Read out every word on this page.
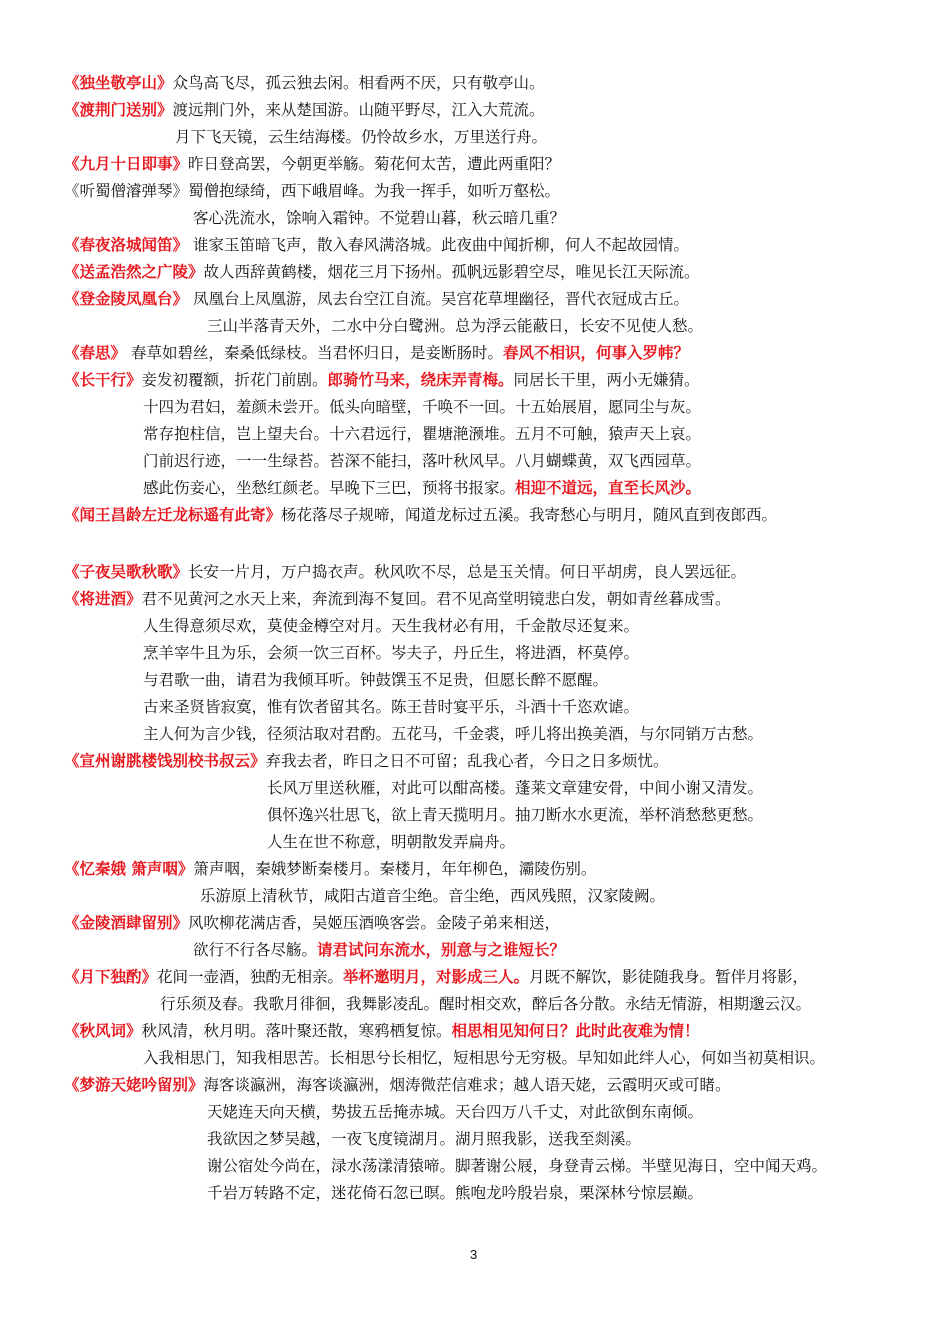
《独坐敬亭山》众鸟高飞尽，孤云独去闲。相看两不厌，只有敬亭山。
《渡荆门送别》渡远荆门外，来从楚国游。山随平野尽，江入大荒流。
月下飞天镜，云生结海楼。仍怜故乡水，万里送行舟。
《九月十日即事》昨日登高罢，今朝更举觞。菊花何太苦，遭此两重阳？
《听蜀僧濬弹琴》蜀僧抱绿绮，西下峨眉峰。为我一挥手，如听万壑松。
客心洗流水，馀响入霜钟。不觉碧山暮，秋云暗几重？
《春夜洛城闻笛》 谁家玉笛暗飞声，散入春风满洛城。此夜曲中闻折柳，何人不起故园情。
《送孟浩然之广陵》故人西辞黄鹤楼，烟花三月下扬州。孤帆远影碧空尽，唯见长江天际流。
《登金陵凤凰台》 凤凰台上凤凰游，凤去台空江自流。吴宫花草埋幽径，晋代衣冠成古丘。
三山半落青天外，二水中分白鹭洲。总为浮云能蔽日，长安不见使人愁。
《春思》 春草如碧丝，秦桑低绿枝。当君怀归日，是妾断肠时。春风不相识，何事入罗帏？
《长干行》妾发初覆额，折花门前剧。郎骑竹马来，绕床弄青梅。同居长干里，两小无嫌猜。
十四为君妇，羞颜未尝开。低头向暗壁，千唤不一回。十五始展眉，愿同尘与灰。
常存抱柱信，岂上望夫台。十六君远行，瞿塘滟滪堆。五月不可触，猿声天上哀。
门前迟行迹，一一生绿苔。苔深不能扫，落叶秋风早。八月蝴蝶黄，双飞西园草。
感此伤妾心，坐愁红颜老。早晚下三巴，预将书报家。相迎不道远，直至长风沙。
《闻王昌龄左迁龙标遥有此寄》杨花落尽子规啼，闻道龙标过五溪。我寄愁心与明月，随风直到夜郎西。
《子夜吴歌秋歌》长安一片月，万户捣衣声。秋风吹不尽，总是玉关情。何日平胡虏，良人罢远征。
《将进酒》君不见黄河之水天上来，奔流到海不复回。君不见高堂明镜悲白发，朝如青丝暮成雪。
人生得意须尽欢，莫使金樽空对月。天生我材必有用，千金散尽还复来。
烹羊宰牛且为乐，会须一饮三百杯。岑夫子，丹丘生，将进酒，杯莫停。
与君歌一曲，请君为我倾耳听。钟鼓馔玉不足贵，但愿长醉不愿醒。
古来圣贤皆寂寞，惟有饮者留其名。陈王昔时宴平乐，斗酒十千恣欢谑。
主人何为言少钱，径须沽取对君酌。五花马，千金裘，呼儿将出换美酒，与尔同销万古愁。
《宣州谢朓楼饯别校书叔云》弃我去者，昨日之日不可留；乱我心者，今日之日多烦忧。
长风万里送秋雁，对此可以酣高楼。蓬莱文章建安骨，中间小谢又清发。
俱怀逸兴壮思飞，欲上青天揽明月。抽刀断水水更流，举杯消愁愁更愁。
人生在世不称意，明朝散发弄扁舟。
《忆秦娥 箫声咽》箫声咽，秦娥梦断秦楼月。秦楼月，年年柳色，灞陵伤别。
乐游原上清秋节，咸阳古道音尘绝。音尘绝，西风残照，汉家陵阙。
《金陵酒肆留别》风吹柳花满店香，吴姬压酒唤客尝。金陵子弟来相送，
欲行不行各尽觞。请君试问东流水，别意与之谁短长？
《月下独酌》花间一壶酒，独酌无相亲。举杯邀明月，对影成三人。月既不解饮，影徒随我身。暂伴月将影，
行乐须及春。我歌月徘徊，我舞影凌乱。醒时相交欢，醉后各分散。永结无情游，相期邈云汉。
《秋风词》秋风清，秋月明。落叶聚还散，寒鸦栖复惊。相思相见知何日？此时此夜难为情！
入我相思门，知我相思苦。长相思兮长相忆，短相思兮无穷极。早知如此绊人心，何如当初莫相识。
《梦游天姥吟留别》海客谈瀛洲，海客谈瀛洲，烟涛微茫信难求；越人语天姥，云霞明灭或可睹。
天姥连天向天横，势拔五岳掩赤城。天台四万八千丈，对此欲倒东南倾。
我欲因之梦吴越，一夜飞度镜湖月。湖月照我影，送我至剡溪。
谢公宿处今尚在，渌水荡漾清猿啼。脚著谢公屐，身登青云梯。半壁见海日，空中闻天鸡。
千岩万转路不定，迷花倚石忽已暝。熊咆龙吟殷岩泉，栗深林兮惊层巅。
3
